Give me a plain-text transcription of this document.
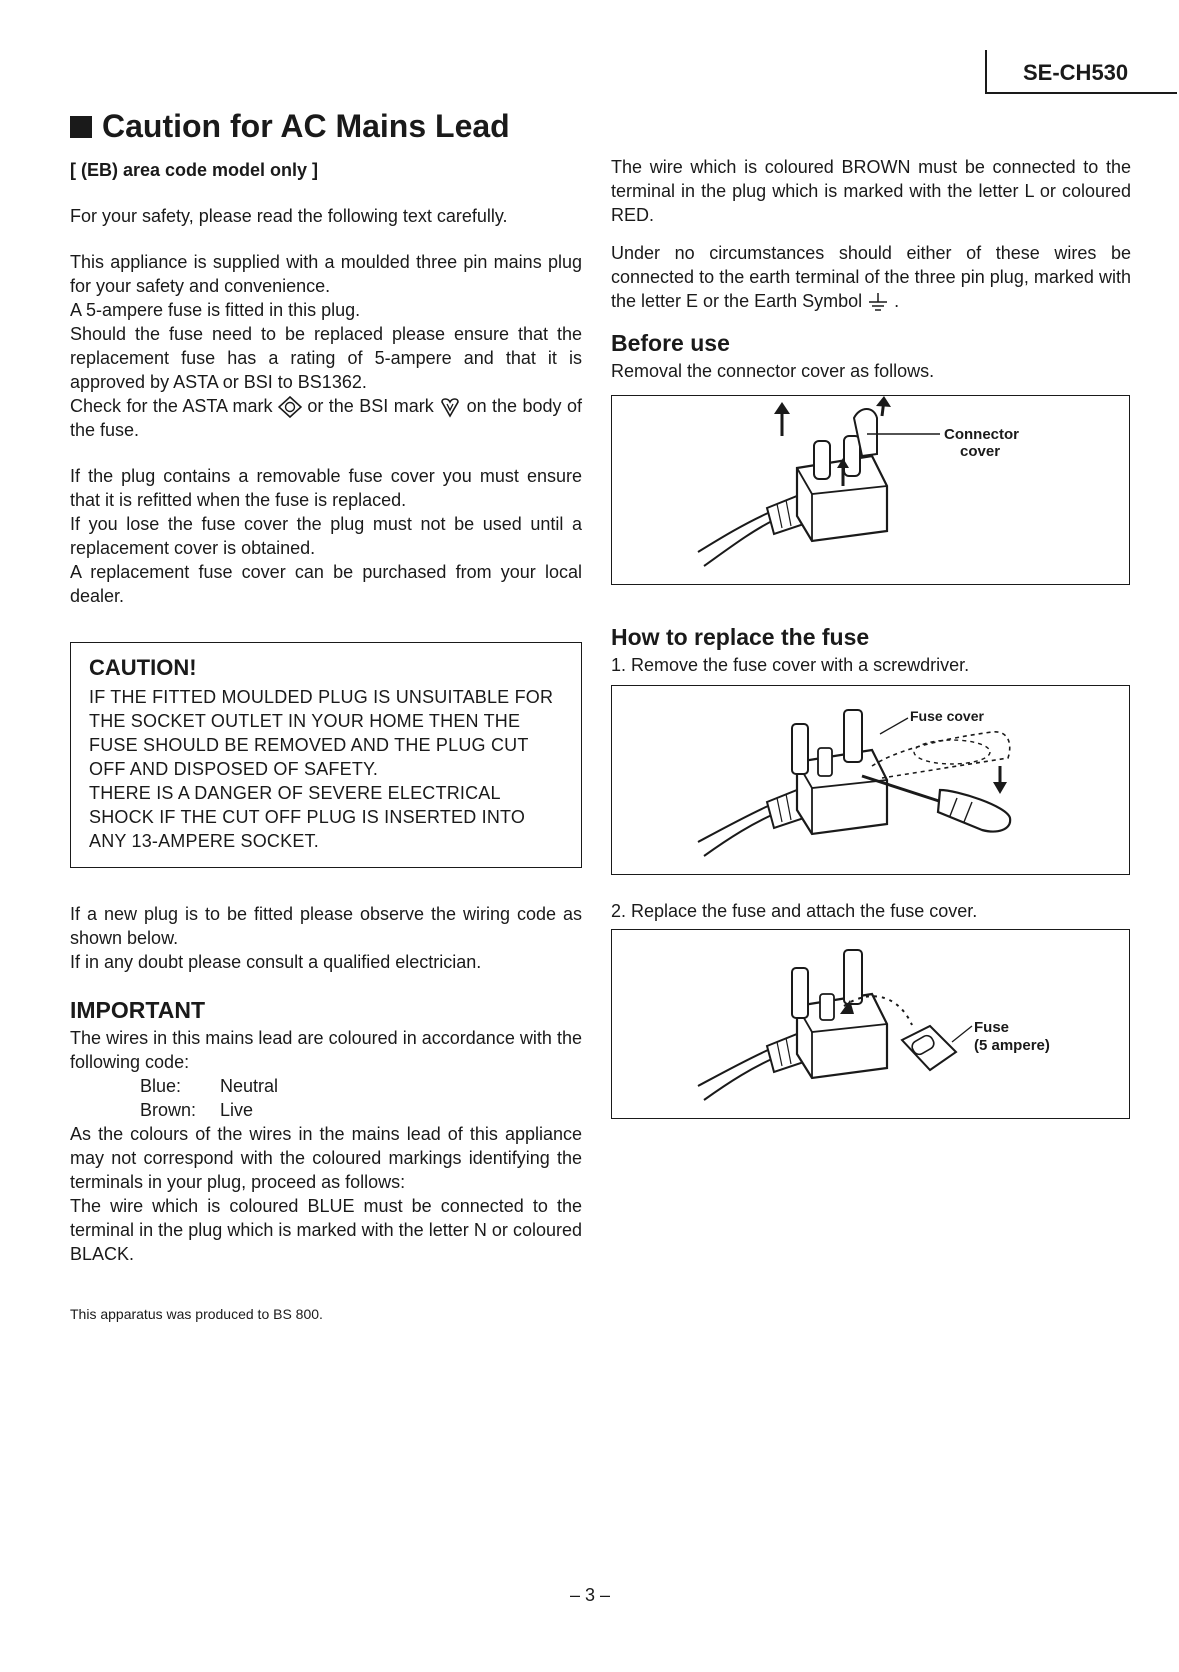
SE-CH530
Caution for AC Mains Lead

[ (EB) area code model only ]

For your safety, please read the following text carefully.

This appliance is supplied with a moulded three pin mains plug for your safety and convenience.

A 5-ampere fuse is fitted in this plug.

Should the fuse need to be replaced please ensure that the replacement fuse has a rating of 5-ampere and that it is approved by ASTA or BSI to BS1362.

Check for the ASTA mark or the BSI mark on the body of the fuse.

If the plug contains a removable fuse cover you must ensure that it is refitted when the fuse is replaced.

If you lose the fuse cover the plug must not be used until a replacement cover is obtained.

A replacement fuse cover can be purchased from your local dealer.

CAUTION!

IF THE FITTED MOULDED PLUG IS UNSUITABLE FOR THE SOCKET OUTLET IN YOUR HOME THEN THE FUSE SHOULD BE REMOVED AND THE PLUG CUT OFF AND DISPOSED OF SAFETY.

THERE IS A DANGER OF SEVERE ELECTRICAL SHOCK IF THE CUT OFF PLUG IS INSERTED INTO ANY 13-AMPERE SOCKET.

If a new plug is to be fitted please observe the wiring code as shown below.

If in any doubt please consult a qualified electrician.

IMPORTANT

The wires in this mains lead are coloured in accordance with the following code:

Blue: Neutral

Brown: Live

As the colours of the wires in the mains lead of this appliance may not correspond with the coloured markings identifying the terminals in your plug, proceed as follows:

The wire which is coloured BLUE must be connected to the terminal in the plug which is marked with the letter N or coloured BLACK.

The wire which is coloured BROWN must be connected to the terminal in the plug which is marked with the letter L or coloured RED.

Under no circumstances should either of these wires be connected to the earth terminal of the three pin plug, marked with the letter E or the Earth Symbol .

Before use

Removal the connector cover as follows.

Connector
cover

How to replace the fuse

1. Remove the fuse cover with a screwdriver.

Fuse cover

2. Replace the fuse and attach the fuse cover.

Fuse
(5 ampere)
This apparatus was produced to BS 800.
– 3 –
